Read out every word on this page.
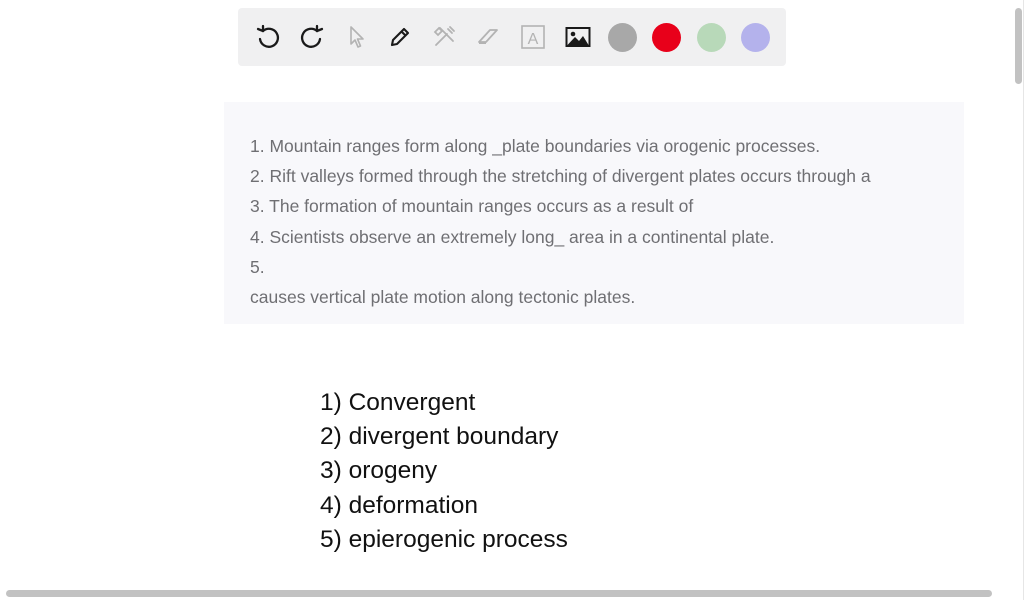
A
1. Mountain ranges form along _plate boundaries via orogenic processes.
2. Rift valleys formed through the stretching of divergent plates occurs through a
3. The formation of mountain ranges occurs as a result of
4. Scientists observe an extremely long_ area in a continental plate.
5.
causes vertical plate motion along tectonic plates.
1) Convergent
2) divergent boundary
3) orogeny
4) deformation
5) epierogenic process
